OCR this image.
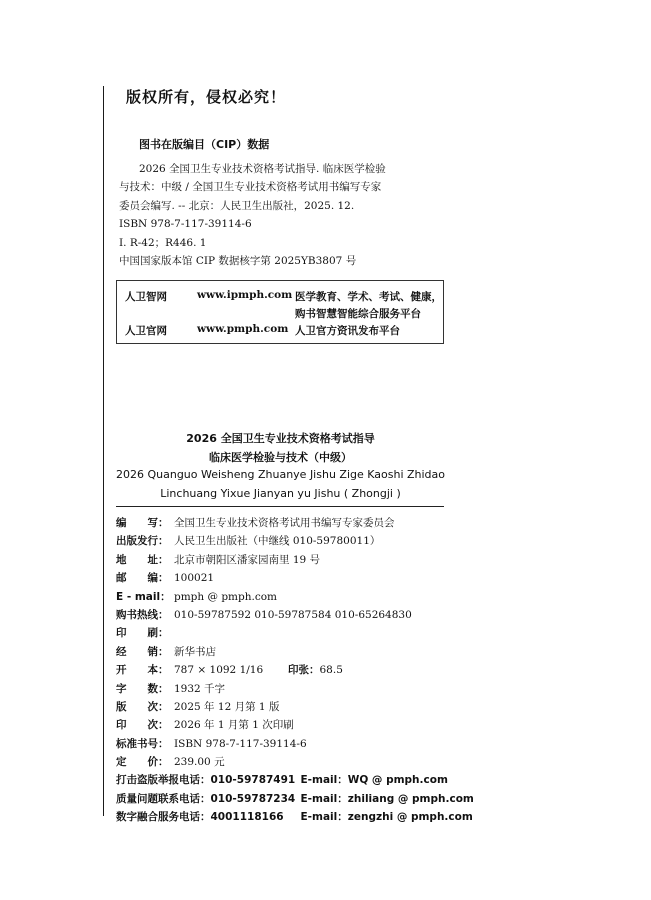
版权所有，侵权必究！
图书在版编目（CIP）数据
2026 全国卫生专业技术资格考试指导. 临床医学检验
与技术：中级 / 全国卫生专业技术资格考试用书编写专家
委员会编写. -- 北京：人民卫生出版社，2025. 12.
ISBN 978-7-117-39114-6
Ⅰ. R-42；R446. 1
中国国家版本馆 CIP 数据核字第 2025YB3807 号
人卫智网	www.ipmph.com 医学教育、学术、考试、健康，
购书智慧智能综合服务平台
人卫官网	www.pmph.com 人卫官方资讯发布平台
2026 全国卫生专业技术资格考试指导
临床医学检验与技术（中级）
2026 Quanguo Weisheng Zhuanye Jishu Zige Kaoshi Zhidao
Linchuang Yixue Jianyan yu Jishu ( Zhongji )
编　　写： 全国卫生专业技术资格考试用书编写专家委员会
出版发行： 人民卫生出版社（中继线 010-59780011）
地　　址： 北京市朝阳区潘家园南里 19 号
邮　　编： 100021
E - mail： pmph @ pmph.com
购书热线： 010-59787592 010-59787584 010-65264830
印　　刷：
经　　销： 新华书店
开　　本： 787 × 1092 1/16 印张：68.5
字　　数： 1932 千字
版　　次： 2025 年 12 月第 1 版
印　　次： 2026 年 1 月第 1 次印刷
标准书号： ISBN 978-7-117-39114-6
定　　价： 239.00 元
打击盗版举报电话：010-59787491 E-mail：WQ @ pmph.com
质量问题联系电话：010-59787234 E-mail：zhiliang @ pmph.com
数字融合服务电话：4001118166 E-mail：zengzhi @ pmph.com
